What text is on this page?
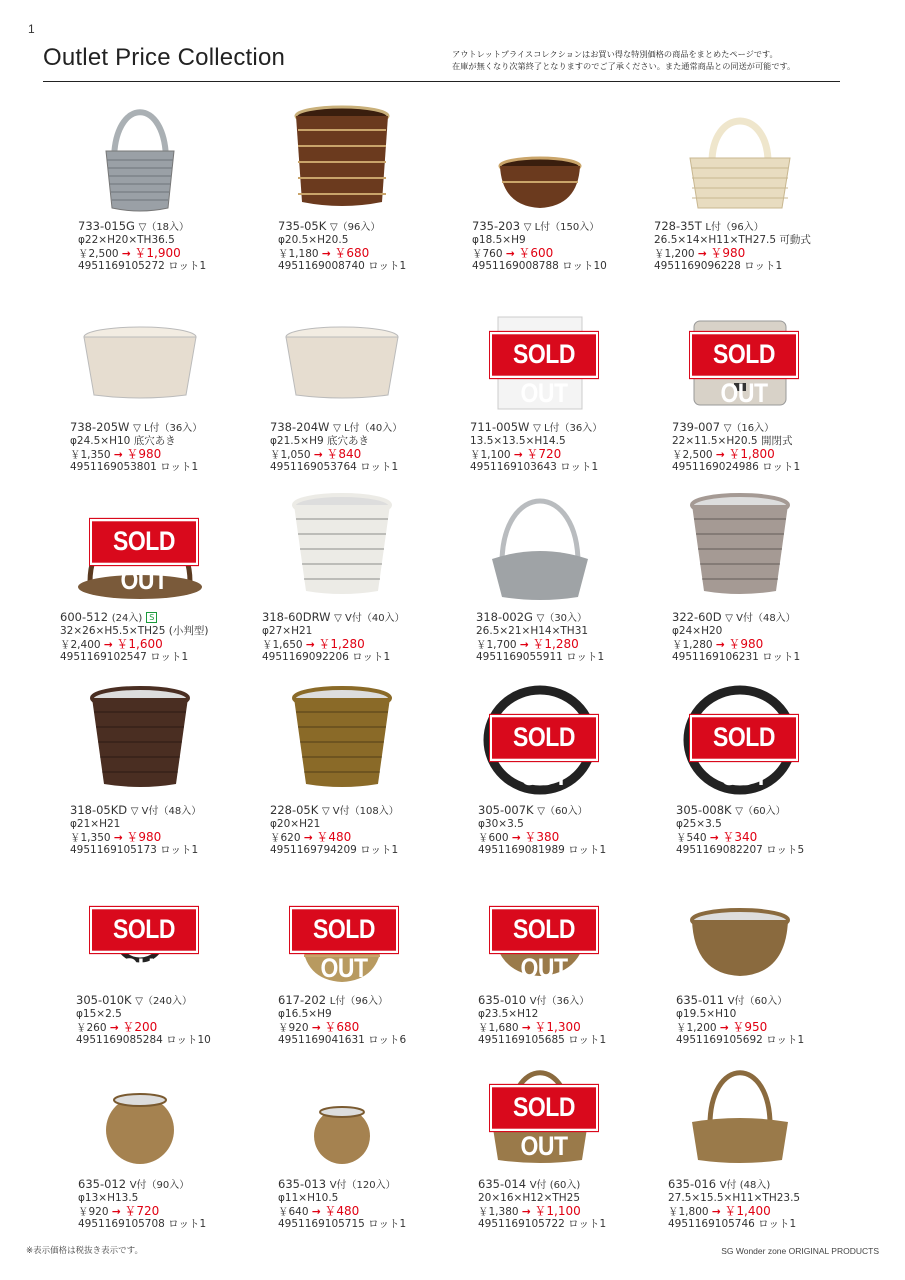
1
Outlet Price Collection	アウトレットプライスコレクションはお買い得な特別価格の商品をまとめたページです。
在庫が無くなり次第終了となりますのでご了承ください。また通常商品との同送が可能です。
733-015G ▽（18入）
φ22×H20×TH36.5
￥2,500 → ￥1,900
4951169105272 ロット1
735-05K ▽（96入）
φ20.5×H20.5
￥1,180 → ￥680
4951169008740 ロット1
735-203 ▽ L付（150入）
φ18.5×H9
￥760 → ￥600
4951169008788 ロット10
728-35T L付（96入）
26.5×14×H11×TH27.5 可動式
￥1,200 → ￥980
4951169096228 ロット1
738-205W ▽ L付（36入）
φ24.5×H10 底穴あき
￥1,350 → ￥980
4951169053801 ロット1
738-204W ▽ L付（40入）
φ21.5×H9 底穴あき
￥1,050 → ￥840
4951169053764 ロット1
711-005W ▽ L付（36入）
13.5×13.5×H14.5
￥1,100 → ￥720
4951169103643 ロット1
SOLD OUT
739-007 ▽（16入）
22×11.5×H20.5 開閉式
￥2,500 → ￥1,800
4951169024986 ロット1
SOLD OUT
600-512 (24入) S
32×26×H5.5×TH25 (小判型)
￥2,400 → ￥1,600
4951169102547 ロット1
SOLD OUT
318-60DRW ▽ V付（40入）
φ27×H21
￥1,650 → ￥1,280
4951169092206 ロット1
318-002G ▽（30入）
26.5×21×H14×TH31
￥1,700 → ￥1,280
4951169055911 ロット1
322-60D ▽ V付（48入）
φ24×H20
￥1,280 → ￥980
4951169106231 ロット1
318-05KD ▽ V付（48入）
φ21×H21
￥1,350 → ￥980
4951169105173 ロット1
228-05K ▽ V付（108入）
φ20×H21
￥620 → ￥480
4951169794209 ロット1
305-007K ▽（60入）
φ30×3.5
￥600 → ￥380
4951169081989 ロット1
SOLD OUT
305-008K ▽（60入）
φ25×3.5
￥540 → ￥340
4951169082207 ロット5
SOLD OUT
305-010K ▽（240入）
φ15×2.5
￥260 → ￥200
4951169085284 ロット10
SOLD OUT
617-202 L付（96入）
φ16.5×H9
￥920 → ￥680
4951169041631 ロット6
SOLD OUT
635-010 V付（36入）
φ23.5×H12
￥1,680 → ￥1,300
4951169105685 ロット1
SOLD OUT
635-011 V付（60入）
φ19.5×H10
￥1,200 → ￥950
4951169105692 ロット1
635-012 V付（90入）
φ13×H13.5
￥920 → ￥720
4951169105708 ロット1
635-013 V付（120入）
φ11×H10.5
￥640 → ￥480
4951169105715 ロット1
635-014 V付 (60入)
20×16×H12×TH25
￥1,380 → ￥1,100
4951169105722 ロット1
SOLD OUT
635-016 V付 (48入)
27.5×15.5×H11×TH23.5
￥1,800 → ￥1,400
4951169105746 ロット1
※表示価格は税抜き表示です。	SG Wonder zone ORIGINAL PRODUCTS
